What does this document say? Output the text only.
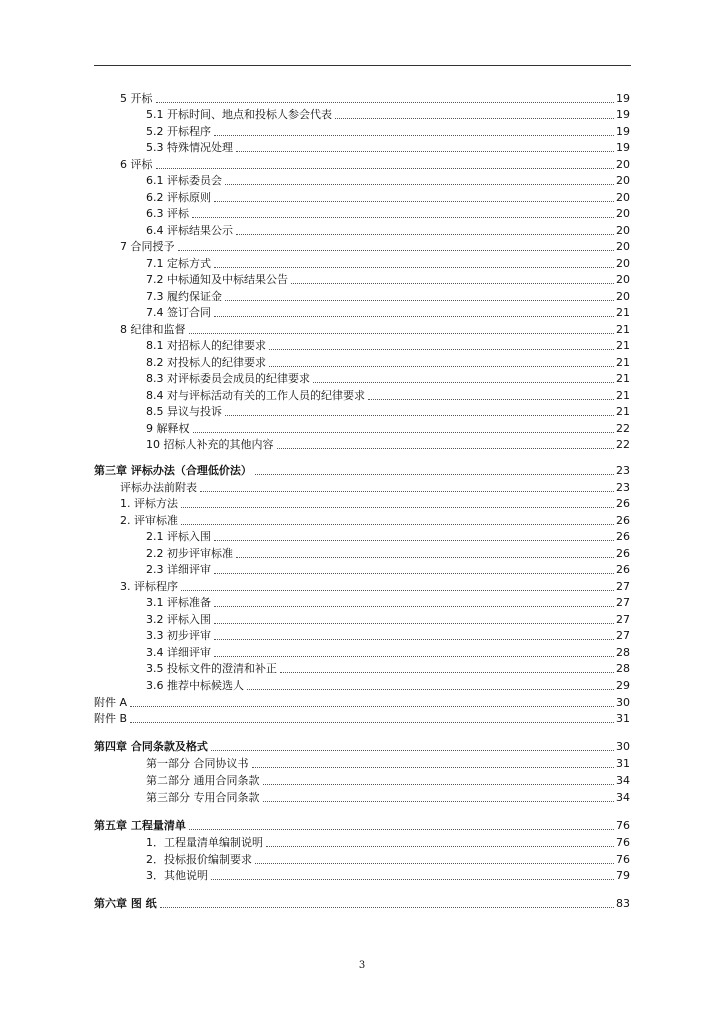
5 开标	19
5.1 开标时间、地点和投标人参会代表	19
5.2 开标程序	19
5.3 特殊情况处理	19
6 评标	20
6.1 评标委员会	20
6.2 评标原则	20
6.3 评标	20
6.4 评标结果公示	20
7 合同授予	20
7.1 定标方式	20
7.2 中标通知及中标结果公告	20
7.3 履约保证金	20
7.4 签订合同	21
8 纪律和监督	21
8.1 对招标人的纪律要求	21
8.2 对投标人的纪律要求	21
8.3 对评标委员会成员的纪律要求	21
8.4 对与评标活动有关的工作人员的纪律要求	21
8.5 异议与投诉	21
9 解释权	22
10 招标人补充的其他内容	22
第三章 评标办法（合理低价法）	23
评标办法前附表	23
1. 评标方法	26
2. 评审标准	26
2.1 评标入围	26
2.2 初步评审标准	26
2.3 详细评审	26
3. 评标程序	27
3.1 评标准备	27
3.2 评标入围	27
3.3 初步评审	27
3.4 详细评审	28
3.5 投标文件的澄清和补正	28
3.6 推荐中标候选人	29
附件 A	30
附件 B	31
第四章 合同条款及格式	30
第一部分 合同协议书	31
第二部分 通用合同条款	34
第三部分 专用合同条款	34
第五章 工程量清单	76
1．工程量清单编制说明	76
2．投标报价编制要求	76
3．其他说明	79
第六章 图 纸	83
3
